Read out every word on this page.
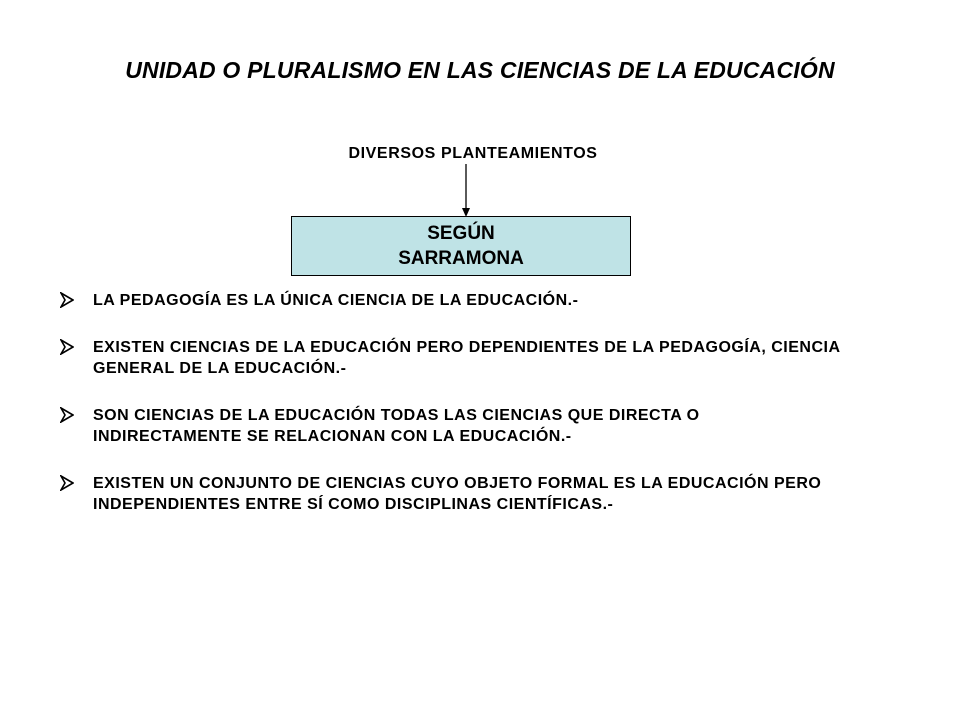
UNIDAD O PLURALISMO EN LAS CIENCIAS DE LA EDUCACIÓN
DIVERSOS PLANTEAMIENTOS
SEGÚN
SARRAMONA
LA PEDAGOGÍA ES LA ÚNICA CIENCIA DE LA EDUCACIÓN.-
EXISTEN CIENCIAS DE LA EDUCACIÓN PERO DEPENDIENTES DE LA PEDAGOGÍA, CIENCIA GENERAL DE LA EDUCACIÓN.-
SON CIENCIAS DE LA EDUCACIÓN TODAS LAS CIENCIAS QUE DIRECTA O INDIRECTAMENTE SE RELACIONAN CON LA EDUCACIÓN.-
EXISTEN UN CONJUNTO DE CIENCIAS CUYO OBJETO FORMAL ES LA EDUCACIÓN PERO INDEPENDIENTES ENTRE SÍ COMO DISCIPLINAS CIENTÍFICAS.-
